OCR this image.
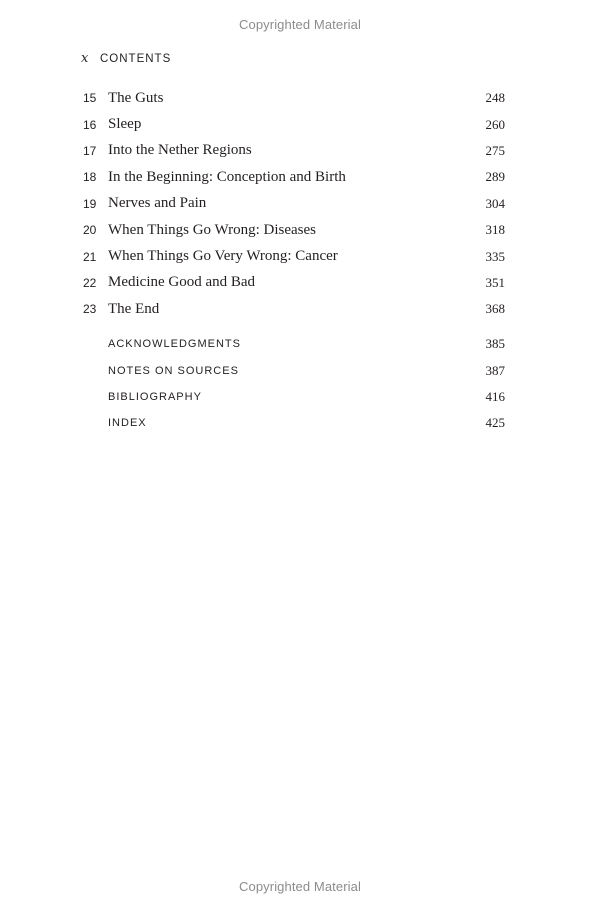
Copyrighted Material
x	CONTENTS
15 The Guts	248
16 Sleep	260
17 Into the Nether Regions	275
18 In the Beginning: Conception and Birth	289
19 Nerves and Pain	304
20 When Things Go Wrong: Diseases	318
21 When Things Go Very Wrong: Cancer	335
22 Medicine Good and Bad	351
23 The End	368
ACKNOWLEDGMENTS	385
NOTES ON SOURCES	387
BIBLIOGRAPHY	416
INDEX	425
Copyrighted Material
